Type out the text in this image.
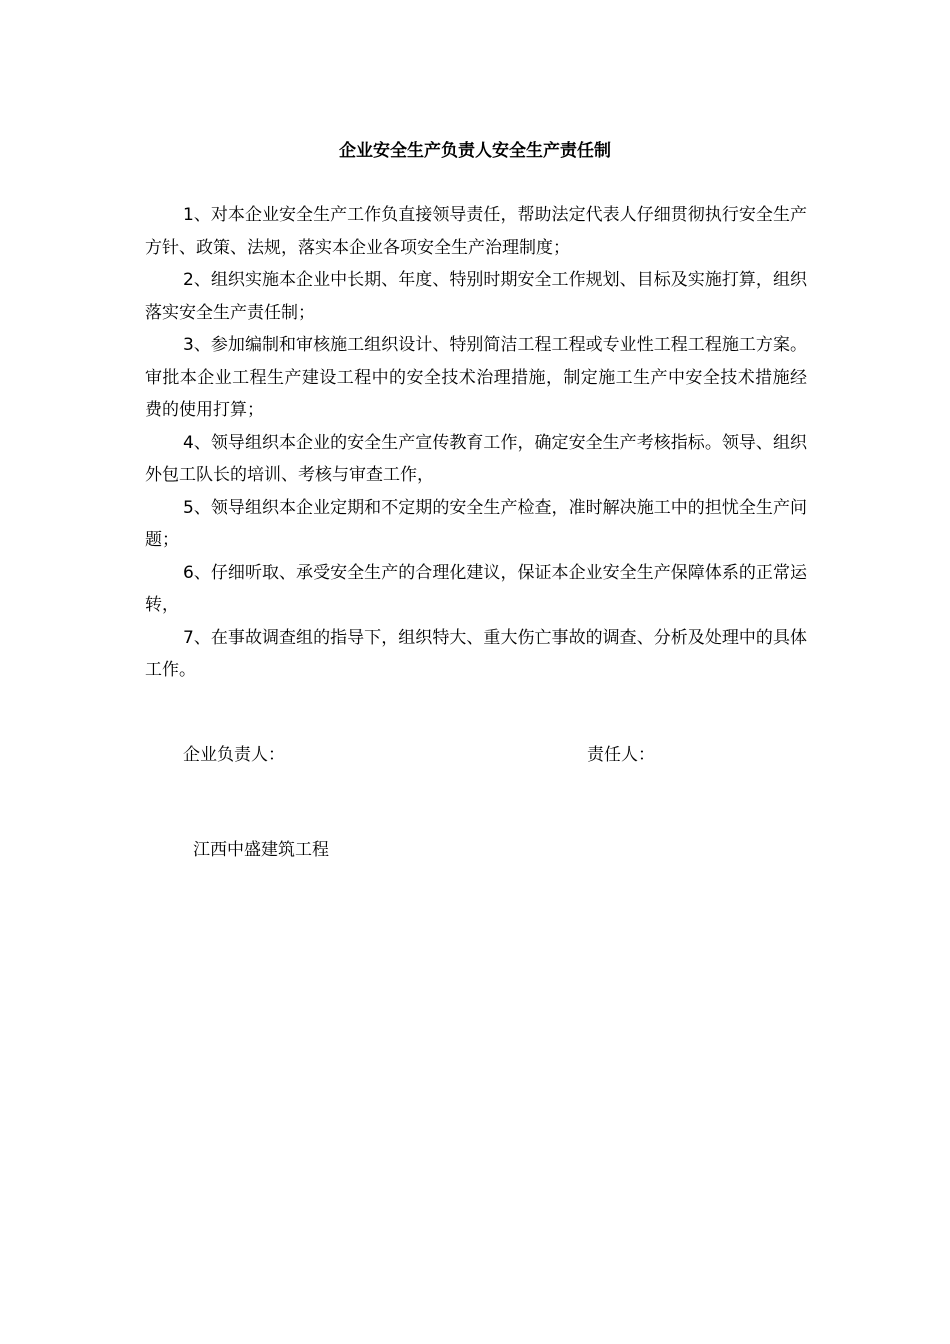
企业安全生产负责人安全生产责任制

1、对本企业安全生产工作负直接领导责任，帮助法定代表人仔细贯彻执行安全生产方针、政策、法规，落实本企业各项安全生产治理制度；

2、组织实施本企业中长期、年度、特别时期安全工作规划、目标及实施打算，组织落实安全生产责任制；

3、参加编制和审核施工组织设计、特别简洁工程工程或专业性工程工程施工方案。审批本企业工程生产建设工程中的安全技术治理措施，制定施工生产中安全技术措施经费的使用打算；

4、领导组织本企业的安全生产宣传教育工作，确定安全生产考核指标。领导、组织外包工队长的培训、考核与审查工作，

5、领导组织本企业定期和不定期的安全生产检查，准时解决施工中的担忧全生产问题；

6、仔细听取、承受安全生产的合理化建议，保证本企业安全生产保障体系的正常运转，

7、在事故调查组的指导下，组织特大、重大伤亡事故的调查、分析及处理中的具体工作。

企业负责人：	责任人：
江西中盛建筑工程
